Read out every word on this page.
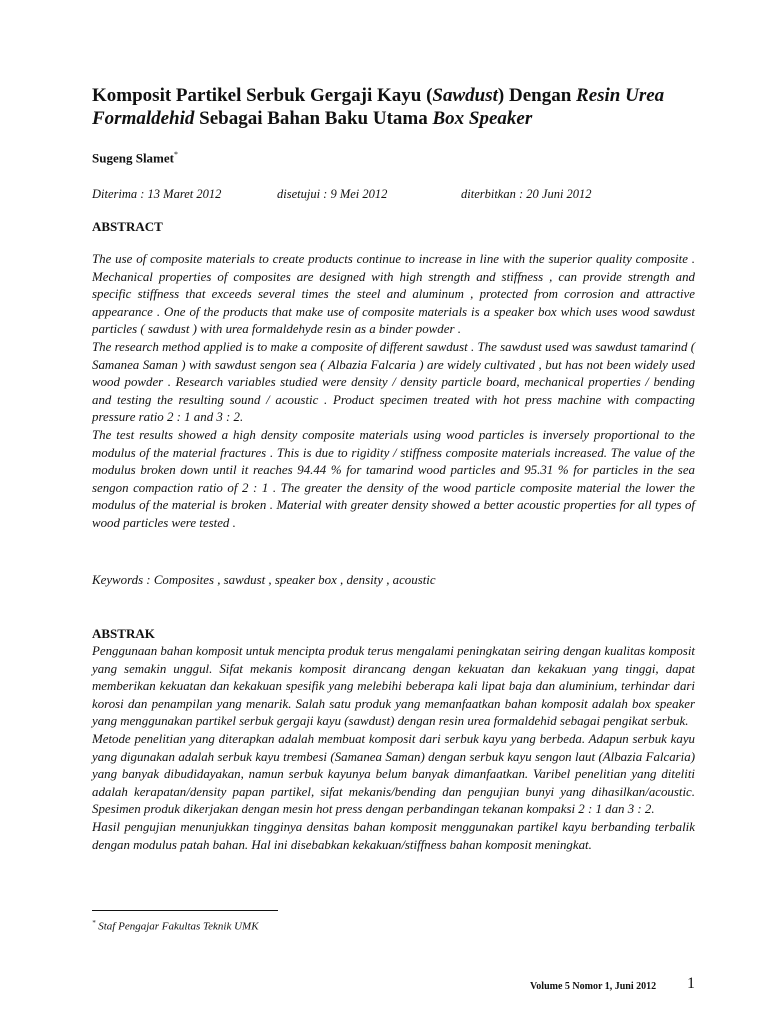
Komposit Partikel Serbuk Gergaji Kayu (Sawdust) Dengan Resin Urea Formaldehid Sebagai Bahan Baku Utama Box Speaker
Sugeng Slamet*
Diterima : 13 Maret 2012	disetujui : 9 Mei 2012	diterbitkan : 20 Juni 2012
ABSTRACT

The use of composite materials to create products continue to increase in line with the superior quality composite . Mechanical properties of composites are designed with high strength and stiffness , can provide strength and specific stiffness that exceeds several times the steel and aluminum , protected from corrosion and attractive appearance . One of the products that make use of composite materials is a speaker box which uses wood sawdust particles ( sawdust ) with urea formaldehyde resin as a binder powder .

The research method applied is to make a composite of different sawdust . The sawdust used was sawdust tamarind ( Samanea Saman ) with sawdust sengon sea ( Albazia Falcaria ) are widely cultivated , but has not been widely used wood powder . Research variables studied were density / density particle board, mechanical properties / bending and testing the resulting sound / acoustic . Product specimen treated with hot press machine with compacting pressure ratio 2 : 1 and 3 : 2.

The test results showed a high density composite materials using wood particles is inversely proportional to the modulus of the material fractures . This is due to rigidity / stiffness composite materials increased. The value of the modulus broken down until it reaches 94.44 % for tamarind wood particles and 95.31 % for particles in the sea sengon compaction ratio of 2 : 1 . The greater the density of the wood particle composite material the lower the modulus of the material is broken . Material with greater density showed a better acoustic properties for all types of wood particles were tested .

Keywords : Composites , sawdust , speaker box , density , acoustic
ABSTRAK

Penggunaan bahan komposit untuk mencipta produk terus mengalami peningkatan seiring dengan kualitas komposit yang semakin unggul. Sifat mekanis komposit dirancang dengan kekuatan dan kekakuan yang tinggi, dapat memberikan kekuatan dan kekakuan spesifik yang melebihi beberapa kali lipat baja dan aluminium, terhindar dari korosi dan penampilan yang menarik. Salah satu produk yang memanfaatkan bahan komposit adalah box speaker yang menggunakan partikel serbuk gergaji kayu (sawdust) dengan resin urea formaldehid sebagai pengikat serbuk.

Metode penelitian yang diterapkan adalah membuat komposit dari serbuk kayu yang berbeda. Adapun serbuk kayu yang digunakan adalah serbuk kayu trembesi (Samanea Saman) dengan serbuk kayu sengon laut (Albazia Falcaria) yang banyak dibudidayakan, namun serbuk kayunya belum banyak dimanfaatkan. Varibel penelitian yang diteliti adalah kerapatan/density papan partikel, sifat mekanis/bending dan pengujian bunyi yang dihasilkan/acoustic. Spesimen produk dikerjakan dengan mesin hot press dengan perbandingan tekanan kompaksi 2 : 1 dan 3 : 2.

Hasil pengujian menunjukkan tingginya densitas bahan komposit menggunakan partikel kayu berbanding terbalik dengan modulus patah bahan. Hal ini disebabkan kekakuan/stiffness bahan komposit meningkat.

* Staf Pengajar Fakultas Teknik UMK
Volume 5 Nomor 1, Juni 2012 1
